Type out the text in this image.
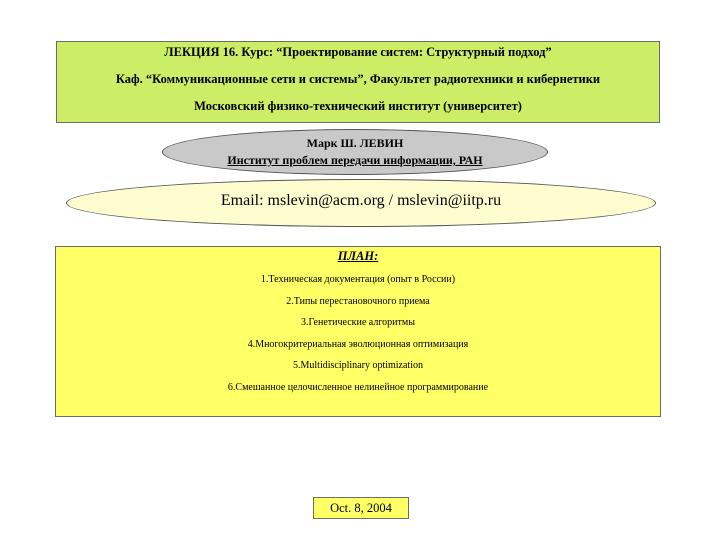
ЛЕКЦИЯ 16. Курс: “Проектирование систем: Структурный подход”
Каф. “Коммуникационные сети и системы”, Факультет радиотехники и кибернетики
Московский физико-технический институт (университет)
Марк Ш. ЛЕВИН
Институт проблем передачи информации, РАН
Email: mslevin@acm.org / mslevin@iitp.ru
ПЛАН:
1.Техническая документация (опыт в России)
2.Типы перестановочного приема
3.Генетические алгоритмы
4.Многокритериальная эволюционная оптимизация
5.Multidisciplinary optimization
6.Смешанное целочисленное нелинейное программирование
Oct. 8, 2004
